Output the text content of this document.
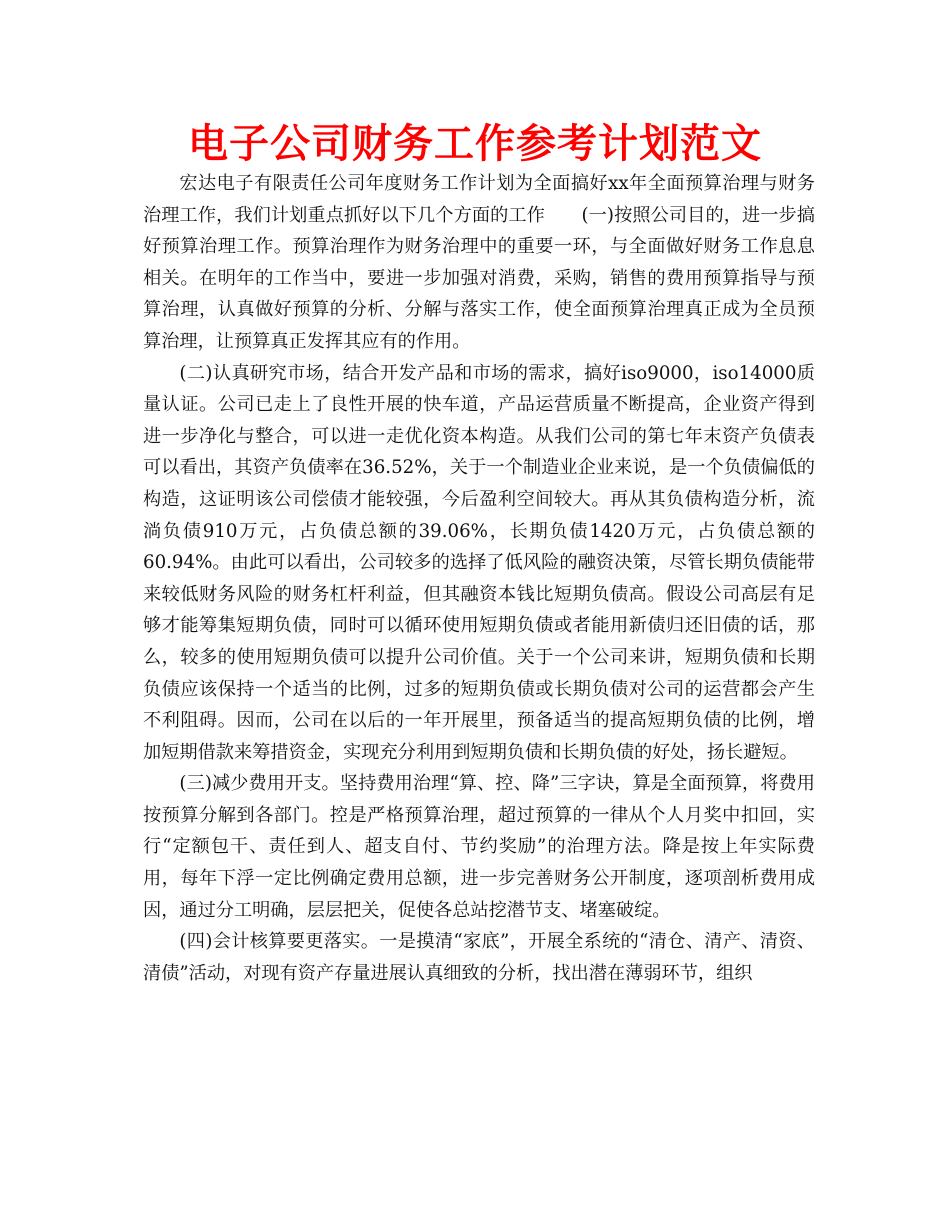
电子公司财务工作参考计划范文

宏达电子有限责任公司年度财务工作计划为全面搞好xx年全面预算治理与财务治理工作，我们计划重点抓好以下几个方面的工作　　(一)按照公司目的，进一步搞好预算治理工作。预算治理作为财务治理中的重要一环，与全面做好财务工作息息相关。在明年的工作当中，要进一步加强对消费，采购，销售的费用预算指导与预算治理，认真做好预算的分析、分解与落实工作，使全面预算治理真正成为全员预算治理，让预算真正发挥其应有的作用。

(二)认真研究市场，结合开发产品和市场的需求，搞好iso9000，iso14000质量认证。公司已走上了良性开展的快车道，产品运营质量不断提高，企业资产得到进一步净化与整合，可以进一走优化资本构造。从我们公司的第七年末资产负债表可以看出，其资产负债率在36.52%，关于一个制造业企业来说，是一个负债偏低的构造，这证明该公司偿债才能较强，今后盈利空间较大。再从其负债构造分析，流淌负债910万元，占负债总额的39.06%，长期负债1420万元，占负债总额的60.94%。由此可以看出，公司较多的选择了低风险的融资决策，尽管长期负债能带来较低财务风险的财务杠杆利益，但其融资本钱比短期负债高。假设公司高层有足够才能筹集短期负债，同时可以循环使用短期负债或者能用新债归还旧债的话，那么，较多的使用短期负债可以提升公司价值。关于一个公司来讲，短期负债和长期负债应该保持一个适当的比例，过多的短期负债或长期负债对公司的运营都会产生不利阻碍。因而，公司在以后的一年开展里，预备适当的提高短期负债的比例，增加短期借款来筹措资金，实现充分利用到短期负债和长期负债的好处，扬长避短。

(三)减少费用开支。坚持费用治理“算、控、降”三字诀，算是全面预算，将费用按预算分解到各部门。控是严格预算治理，超过预算的一律从个人月奖中扣回，实行“定额包干、责任到人、超支自付、节约奖励”的治理方法。降是按上年实际费用，每年下浮一定比例确定费用总额，进一步完善财务公开制度，逐项剖析费用成因，通过分工明确，层层把关，促使各总站挖潜节支、堵塞破绽。

(四)会计核算要更落实。一是摸清“家底”，开展全系统的“清仓、清产、清资、清债”活动，对现有资产存量进展认真细致的分析，找出潜在薄弱环节，组织
